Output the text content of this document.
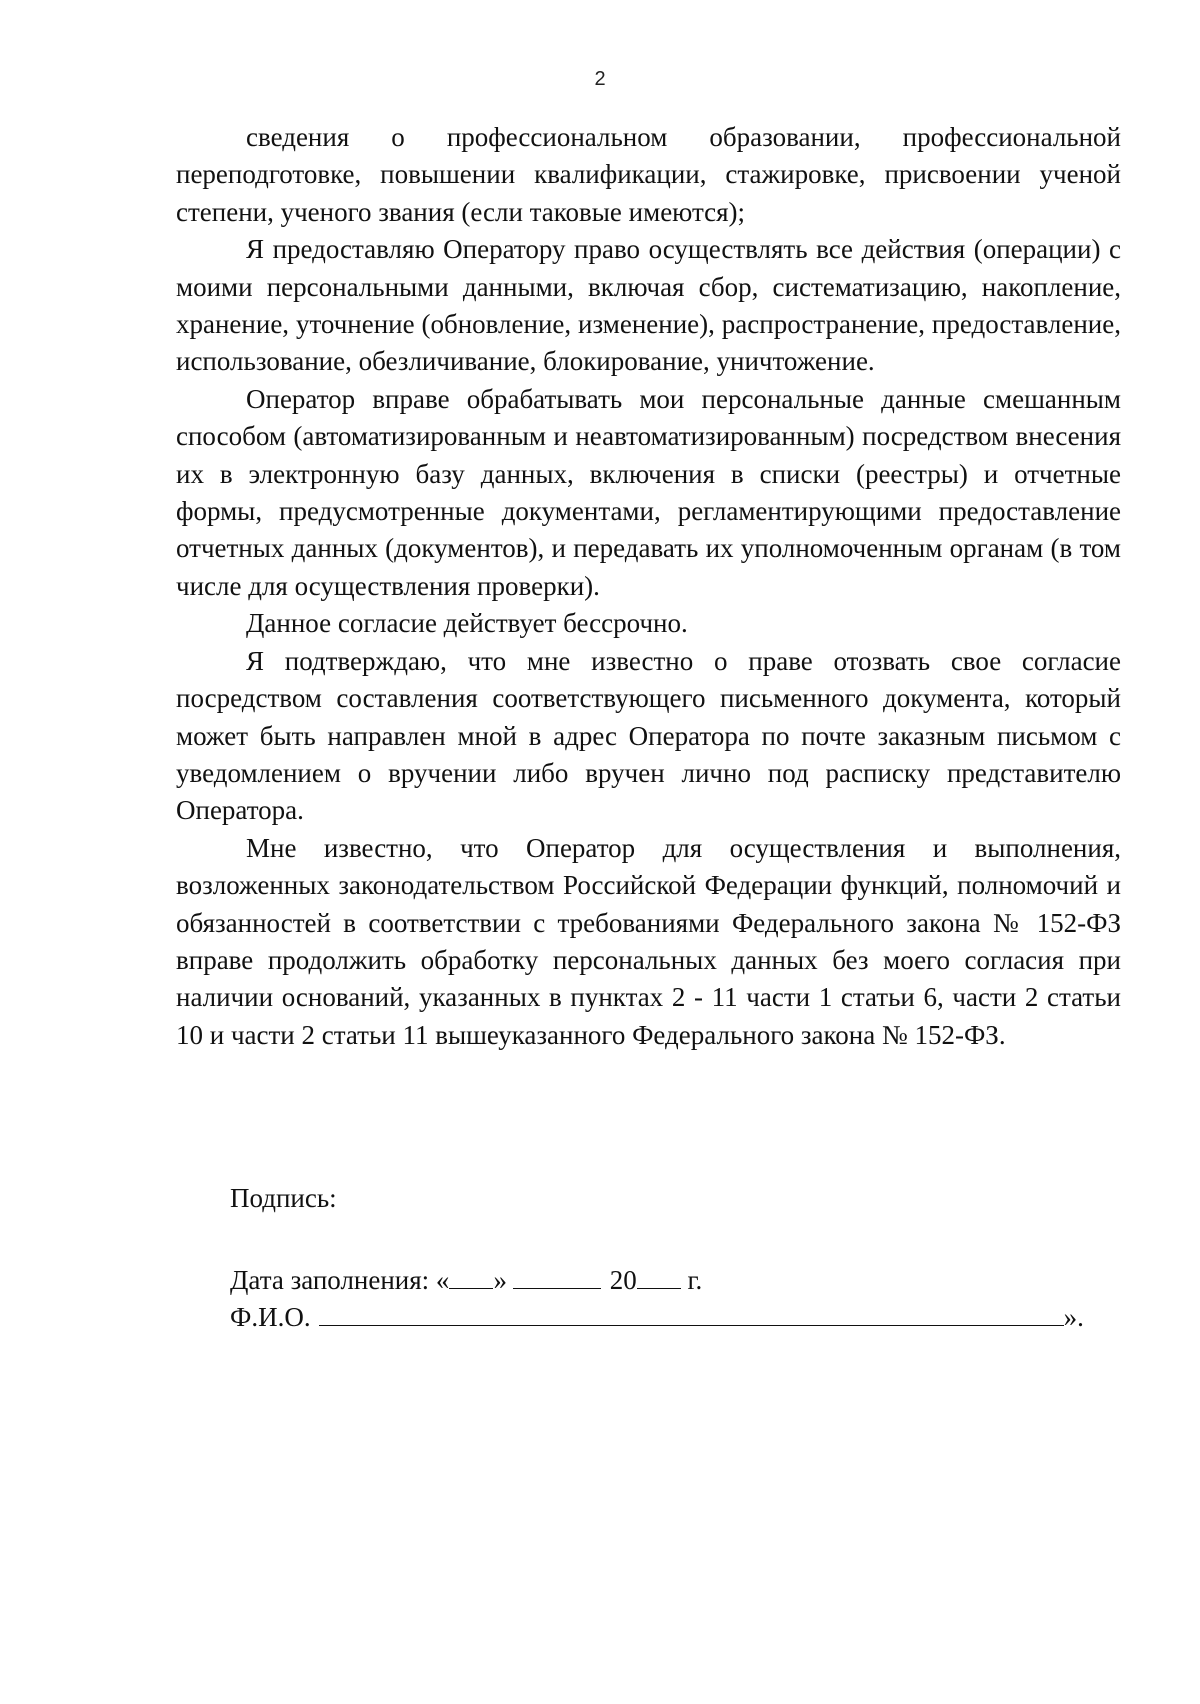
2

сведения о профессиональном образовании, профессиональной переподготовке, повышении квалификации, стажировке, присвоении ученой степени, ученого звания (если таковые имеются);

Я предоставляю Оператору право осуществлять все действия (операции) с моими персональными данными, включая сбор, систематизацию, накопление, хранение, уточнение (обновление, изменение), распространение, предоставление, использование, обезличивание, блокирование, уничтожение.

Оператор вправе обрабатывать мои персональные данные смешанным способом (автоматизированным и неавтоматизированным) посредством внесения их в электронную базу данных, включения в списки (реестры) и отчетные формы, предусмотренные документами, регламентирующими предоставление отчетных данных (документов), и передавать их уполномоченным органам (в том числе для осуществления проверки).

Данное согласие действует бессрочно.

Я подтверждаю, что мне известно о праве отозвать свое согласие посредством составления соответствующего письменного документа, который может быть направлен мной в адрес Оператора по почте заказным письмом с уведомлением о вручении либо вручен лично под расписку представителю Оператора.

Мне известно, что Оператор для осуществления и выполнения, возложенных законодательством Российской Федерации функций, полномочий и обязанностей в соответствии с требованиями Федерального закона № 152-ФЗ вправе продолжить обработку персональных данных без моего согласия при наличии оснований, указанных в пунктах 2 - 11 части 1 статьи 6, части 2 статьи 10 и части 2 статьи 11 вышеуказанного Федерального закона № 152-ФЗ.

Подпись:
Дата заполнения: « »	20 г.
Ф.И.О.	».
